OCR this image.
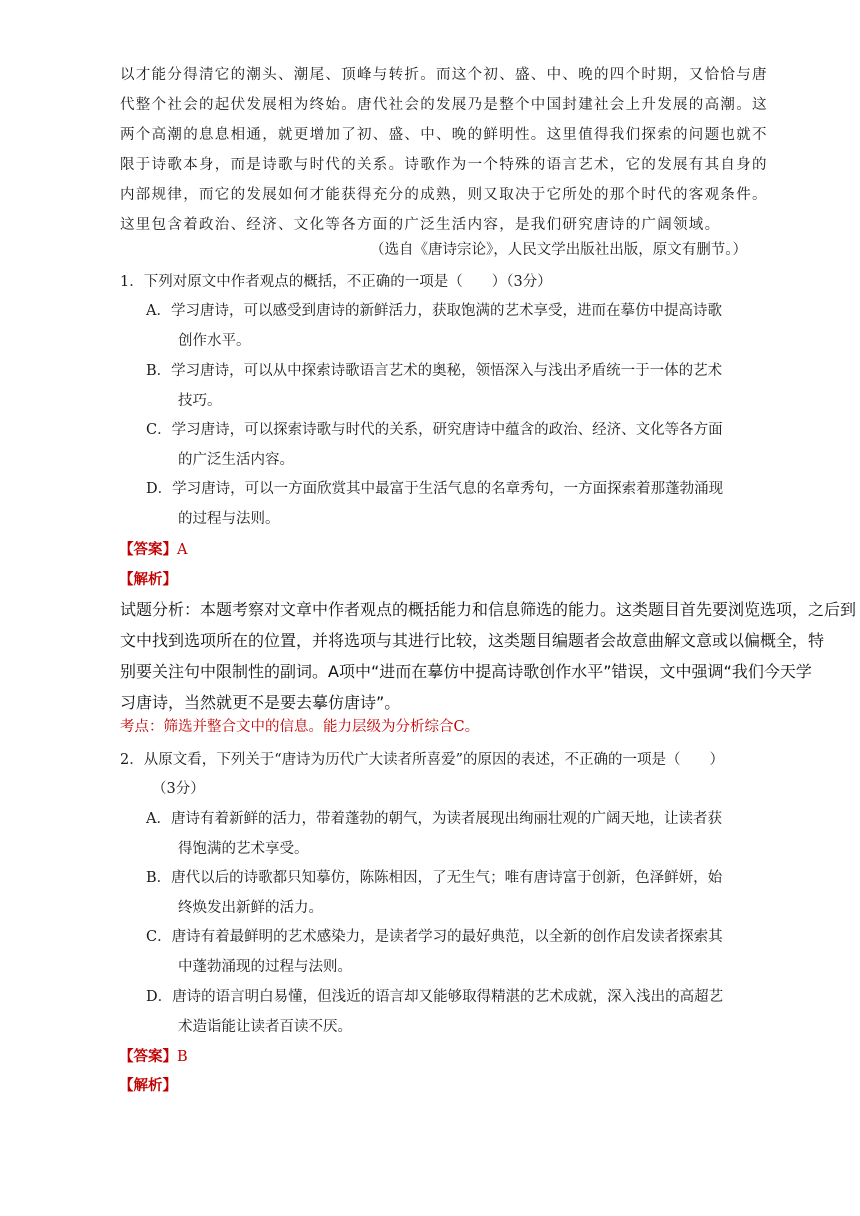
以才能分得清它的潮头、潮尾、顶峰与转折。而这个初、盛、中、晚的四个时期，又恰恰与唐
代整个社会的起伏发展相为终始。唐代社会的发展乃是整个中国封建社会上升发展的高潮。这
两个高潮的息息相通，就更增加了初、盛、中、晚的鲜明性。这里值得我们探索的问题也就不
限于诗歌本身，而是诗歌与时代的关系。诗歌作为一个特殊的语言艺术，它的发展有其自身的
内部规律，而它的发展如何才能获得充分的成熟，则又取决于它所处的那个时代的客观条件。
这里包含着政治、经济、文化等各方面的广泛生活内容，是我们研究唐诗的广阔领域。
（选自《唐诗宗论》，人民文学出版社出版，原文有删节。）
1．下列对原文中作者观点的概括，不正确的一项是（　　）（3分）
A．学习唐诗，可以感受到唐诗的新鲜活力，获取饱满的艺术享受，进而在摹仿中提高诗歌
创作水平。
B．学习唐诗，可以从中探索诗歌语言艺术的奥秘，领悟深入与浅出矛盾统一于一体的艺术
技巧。
C．学习唐诗，可以探索诗歌与时代的关系，研究唐诗中蕴含的政治、经济、文化等各方面
的广泛生活内容。
D．学习唐诗，可以一方面欣赏其中最富于生活气息的名章秀句，一方面探索着那蓬勃涌现
的过程与法则。
【答案】A
【解析】
试题分析：本题考察对文章中作者观点的概括能力和信息筛选的能力。这类题目首先要浏览选项，之后到
文中找到选项所在的位置，并将选项与其进行比较，这类题目编题者会故意曲解文意或以偏概全，特
别要关注句中限制性的副词。A项中“进而在摹仿中提高诗歌创作水平”错误，文中强调“我们今天学
习唐诗，当然就更不是要去摹仿唐诗”。
考点：筛选并整合文中的信息。能力层级为分析综合C。
2．从原文看，下列关于“唐诗为历代广大读者所喜爱”的原因的表述，不正确的一项是（　　）
（3分）
A．唐诗有着新鲜的活力，带着蓬勃的朝气，为读者展现出绚丽壮观的广阔天地，让读者获
得饱满的艺术享受。
B．唐代以后的诗歌都只知摹仿，陈陈相因，了无生气；唯有唐诗富于创新，色泽鲜妍，始
终焕发出新鲜的活力。
C．唐诗有着最鲜明的艺术感染力，是读者学习的最好典范，以全新的创作启发读者探索其
中蓬勃涌现的过程与法则。
D．唐诗的语言明白易懂，但浅近的语言却又能够取得精湛的艺术成就，深入浅出的高超艺
术造诣能让读者百读不厌。
【答案】B
【解析】
